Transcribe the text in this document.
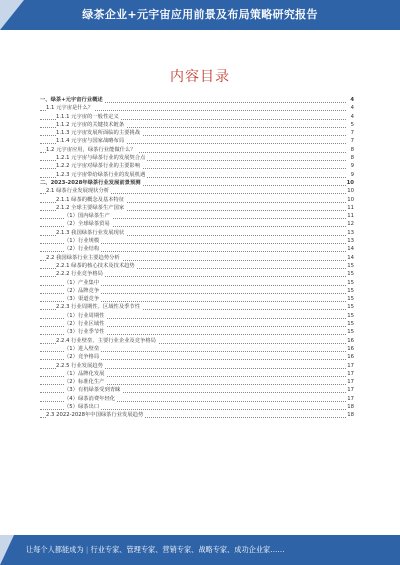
绿茶企业+元宇宙应用前景及布局策略研究报告
内容目录
一、绿茶+元宇宙行业概述	4
1.1 元宇宙是什么？	4
1.1.1 元宇宙的一般性定义	4
1.1.2 元宇宙的关键技术链条	5
1.1.3 元宇宙发展所面临的主要挑战	7
1.1.4 元宇宙与国家战略布局	7
1.2 元宇宙应用，绿茶行业能做什么？	8
1.2.1 元宇宙与绿茶行业的发展契合点	8
1.2.2 元宇宙对绿茶行业的主要影响	9
1.2.3 元宇宙带给绿茶行业的发展机遇	9
二、2023-2028年绿茶行业发展前景预测	10
2.1 绿茶行业发展现状分析	10
2.1.1 绿茶的概念及基本特征	10
2.1.2 全球主要绿茶生产国家	11
（1）国内绿茶生产	11
（2）全球绿茶贸易	12
2.1.3 我国绿茶行业发展现状	13
（1）行业规模	13
（2）行业结构	14
2.2 我国绿茶行业主要趋势分析	14
2.2.1 绿茶的核心技术及技术趋势	15
2.2.2 行业竞争格局	15
（1）产业集中	15
（2）品牌竞争	15
（3）渠道竞争	15
2.2.3 行业周期性、区域性及季节性	15
（1）行业周期性	15
（2）行业区域性	15
（3）行业季节性	15
2.2.4 行业壁垒、主要行业企业及竞争格局	16
（1）进入壁垒	16
（2）竞争格局	16
2.2.5 行业发展趋势	17
（1）品牌化发展	17
（2）标准化生产	17
（3）有机绿茶受到青睐	17
（4）绿茶消费年轻化	17
（5）绿茶出口	18
2.3 2022-2028年中国绿茶行业发展趋势	18
让每个人都能成为 | 行业专家、管理专家、营销专家、战略专家、成功企业家……
